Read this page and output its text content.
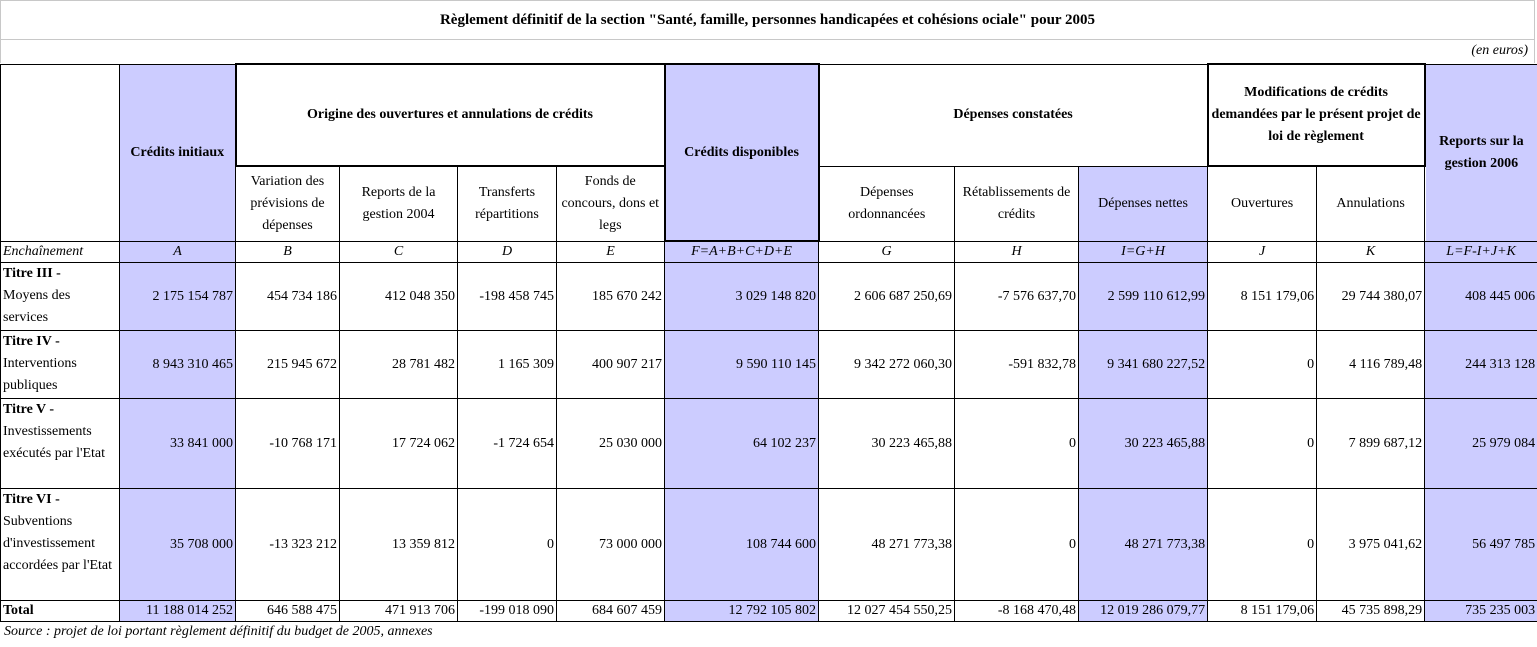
Règlement définitif de la section "Santé, famille, personnes handicapées et cohésions ociale" pour 2005
(en euros)
	Crédits initiaux	Origine des ouvertures et annulations de crédits				Crédits disponibles	Dépenses constatées			Modifications de crédits demandées par le présent projet de loi de règlement		Reports sur la gestion 2006
		Variation des prévisions de dépenses	Reports de la gestion 2004	Transferts répartitions	Fonds de concours, dons et legs		Dépenses ordonnancées	Rétablissements de crédits	Dépenses nettes	Ouvertures	Annulations	
Enchaînement	A	B	C	D	E	F=A+B+C+D+E	G	H	I=G+H	J	K	L=F-I+J+K
Titre III -
Moyens des services	2 175 154 787	454 734 186	412 048 350	-198 458 745	185 670 242	3 029 148 820	2 606 687 250,69	-7 576 637,70	2 599 110 612,99	8 151 179,06	29 744 380,07	408 445 006
Titre IV -
Interventions publiques	8 943 310 465	215 945 672	28 781 482	1 165 309	400 907 217	9 590 110 145	9 342 272 060,30	-591 832,78	9 341 680 227,52	0	4 116 789,48	244 313 128
Titre V -
Investissements exécutés par l'Etat	33 841 000	-10 768 171	17 724 062	-1 724 654	25 030 000	64 102 237	30 223 465,88	0	30 223 465,88	0	7 899 687,12	25 979 084
Titre VI -
Subventions d'investissement accordées par l'Etat	35 708 000	-13 323 212	13 359 812	0	73 000 000	108 744 600	48 271 773,38	0	48 271 773,38	0	3 975 041,62	56 497 785
Total	11 188 014 252	646 588 475	471 913 706	-199 018 090	684 607 459	12 792 105 802	12 027 454 550,25	-8 168 470,48	12 019 286 079,77	8 151 179,06	45 735 898,29	735 235 003
Source : projet de loi portant règlement définitif du budget de 2005, annexes
